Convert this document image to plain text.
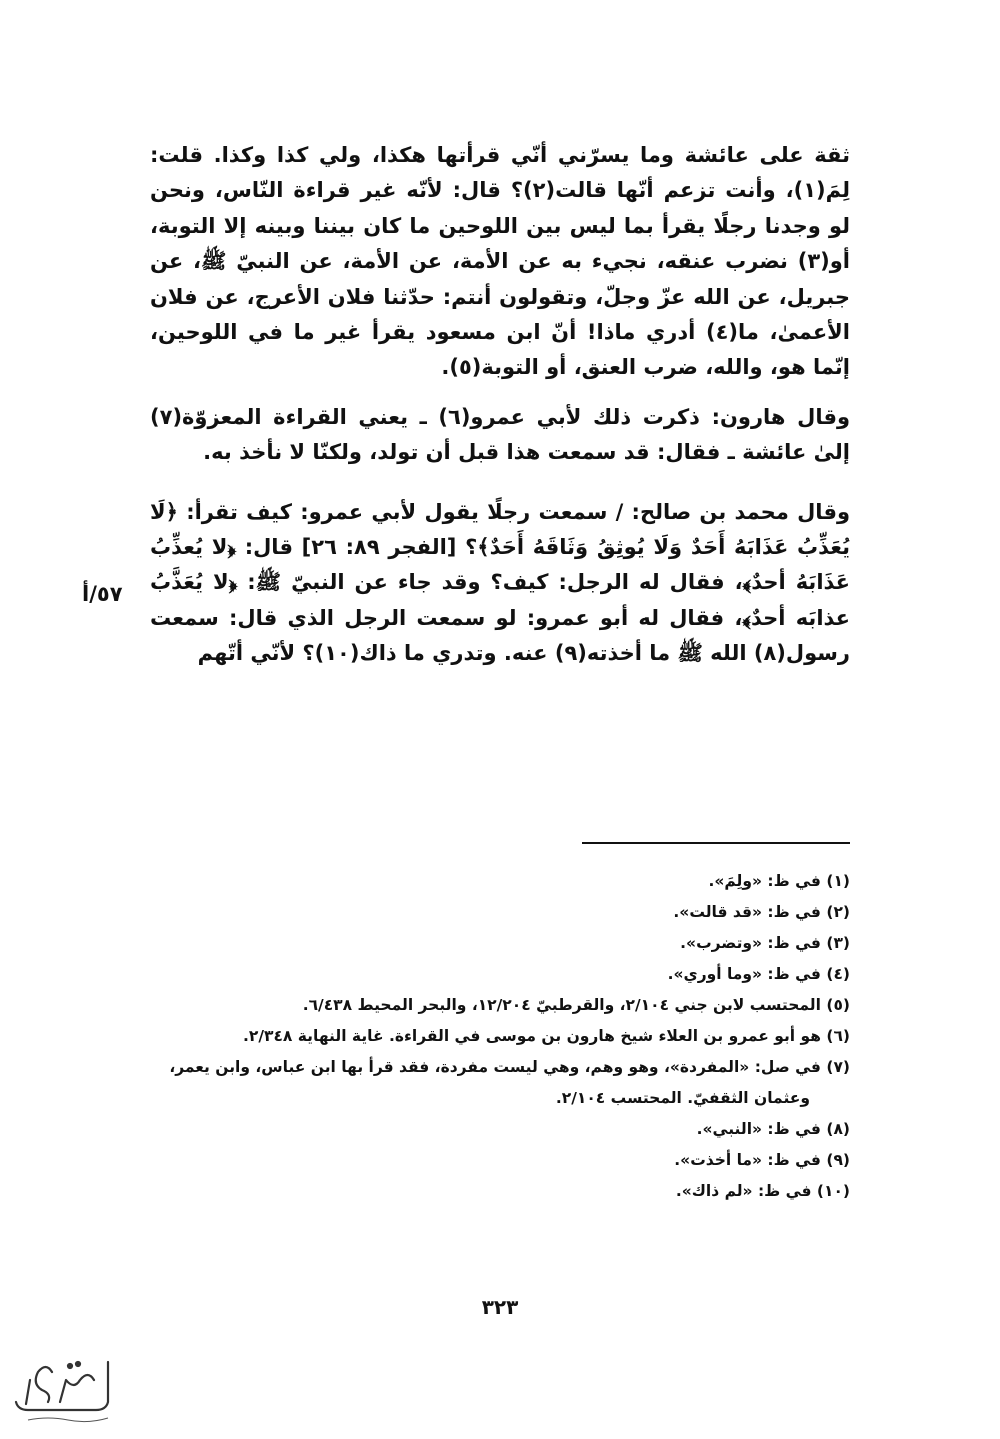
ثقة على عائشة وما يسرّني أنّي قرأتها هكذا، ولي كذا وكذا. قلت: لِمَ(١)، وأنت تزعم أنّها قالت(٢)؟ قال: لأنّه غير قراءة النّاس، ونحن لو وجدنا رجلًا يقرأ بما ليس بين اللوحين ما كان بيننا وبينه إلا التوبة، أو(٣) نضرب عنقه، نجيء به عن الأمة، عن الأمة، عن النبيّ ﷺ، عن جبريل، عن الله عزّ وجلّ، وتقولون أنتم: حدّثنا فلان الأعرج، عن فلان الأعمىٰ، ما(٤) أدري ماذا! أنّ ابن مسعود يقرأ غير ما في اللوحين، إنّما هو، والله، ضرب العنق، أو التوبة(٥).

وقال هارون: ذكرت ذلك لأبي عمرو(٦) ـ يعني القراءة المعزوّة(٧) إلىٰ عائشة ـ فقال: قد سمعت هذا قبل أن تولد، ولكنّا لا نأخذ به.

وقال محمد بن صالح: / سمعت رجلًا يقول لأبي عمرو: كيف تقرأ: ﴿لَا يُعَذِّبُ عَذَابَهُ أَحَدٌ وَلَا يُوثِقُ وَثَاقَهُ أَحَدٌ﴾؟ [الفجر ٨٩: ٢٦] قال: ﴿لا يُعذِّبُ عَذَابَهُ أحدٌ﴾، فقال له الرجل: كيف؟ وقد جاء عن النبيّ ﷺ: ﴿لا يُعَذَّبُ عذابَه أحدٌ﴾، فقال له أبو عمرو: لو سمعت الرجل الذي قال: سمعت رسول(٨) الله ﷺ ما أخذته(٩) عنه. وتدري ما ذاك(١٠)؟ لأنّي أتّهم

٥٧/أ

(١) في ظ: «ولِمَ».

(٢) في ظ: «قد قالت».

(٣) في ظ: «وتضرب».

(٤) في ظ: «وما أوري».

(٥) المحتسب لابن جني ٢/١٠٤، والقرطبيّ ١٢/٢٠٤، والبحر المحيط ٦/٤٣٨.

(٦) هو أبو عمرو بن العلاء شيخ هارون بن موسى في القراءة. غاية النهاية ٢/٣٤٨.

(٧) في صل: «المفردة»، وهو وهم، وهي ليست مفردة، فقد قرأ بها ابن عباس، وابن يعمر، وعثمان الثقفيّ. المحتسب ٢/١٠٤.

(٨) في ظ: «النبي».

(٩) في ظ: «ما أخذت».

(١٠) في ظ: «لم ذاك».

٣٢٣
